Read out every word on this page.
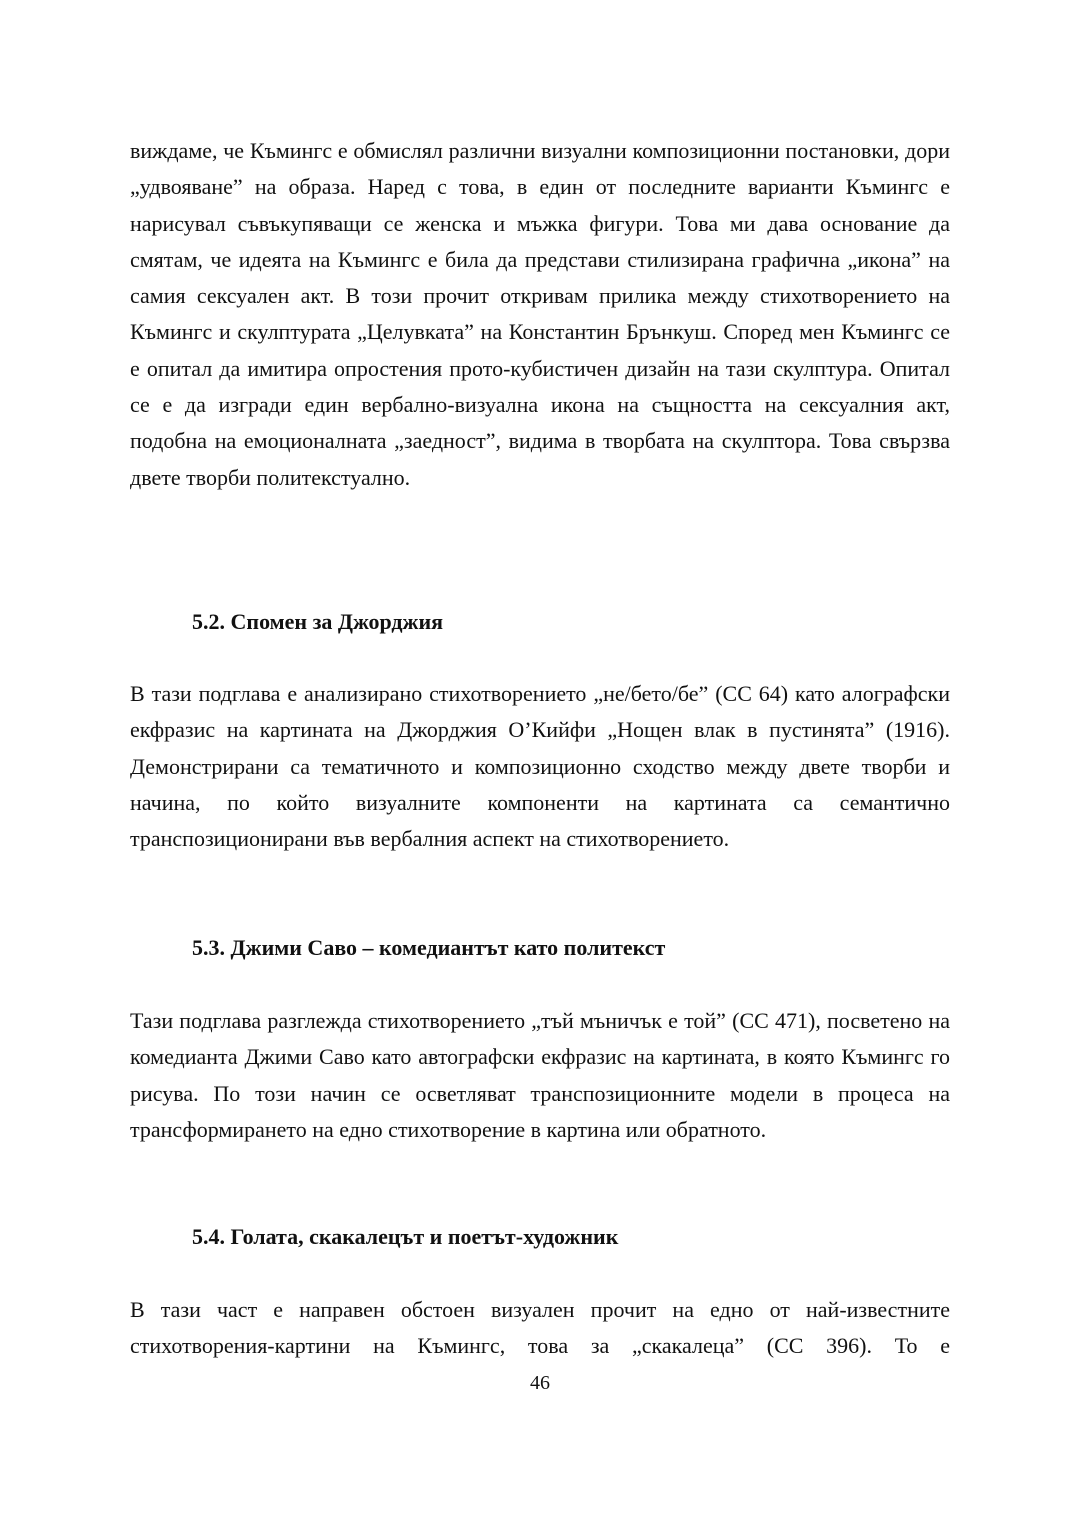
виждаме, че Къмингс е обмислял различни визуални композиционни постановки, дори „удвояване” на образа. Наред с това, в един от последните варианти Къмингс е нарисувал съвъкупяващи се женска и мъжка фигури. Това ми дава основание да смятам, че идеята на Къмингс е била да представи стилизирана графична „икона” на самия сексуален акт. В този прочит откривам прилика между стихотворението на Къмингс и скулптурата „Целувката” на Константин Брънкуш. Според мен Къмингс се е опитал да имитира опростения прото-кубистичен дизайн на тази скулптура. Опитал се е да изгради един вербално-визуална икона на същността на сексуалния акт, подобна на емоционалната „заедност”, видима в творбата на скулптора. Това свързва двете творби политекстуално.

5.2. Спомен за Джорджия

В тази подглава е анализирано стихотворението „не/бето/бе” (CC 64) като алографски екфразис на картината на Джорджия О’Кийфи „Нощен влак в пустинята” (1916). Демонстрирани са тематичното и композиционно сходство между двете творби и начина, по който визуалните компоненти на картината са семантично транспозиционирани във вербалния аспект на стихотворението.

5.3. Джими Саво – комедиантът като политекст

Тази подглава разглежда стихотворението „тъй мъничък е той” (CC 471), посветено на комедианта Джими Саво като автографски екфразис на картината, в която Къмингс го рисува. По този начин се осветляват транспозиционните модели в процеса на трансформирането на едно стихотворение в картина или обратното.

5.4. Голата, скакалецът и поетът-художник

В тази част е направен обстоен визуален прочит на едно от най-известните стихотворения-картини на Къмингс, това за „скакалеца” (CC 396). То е

46
